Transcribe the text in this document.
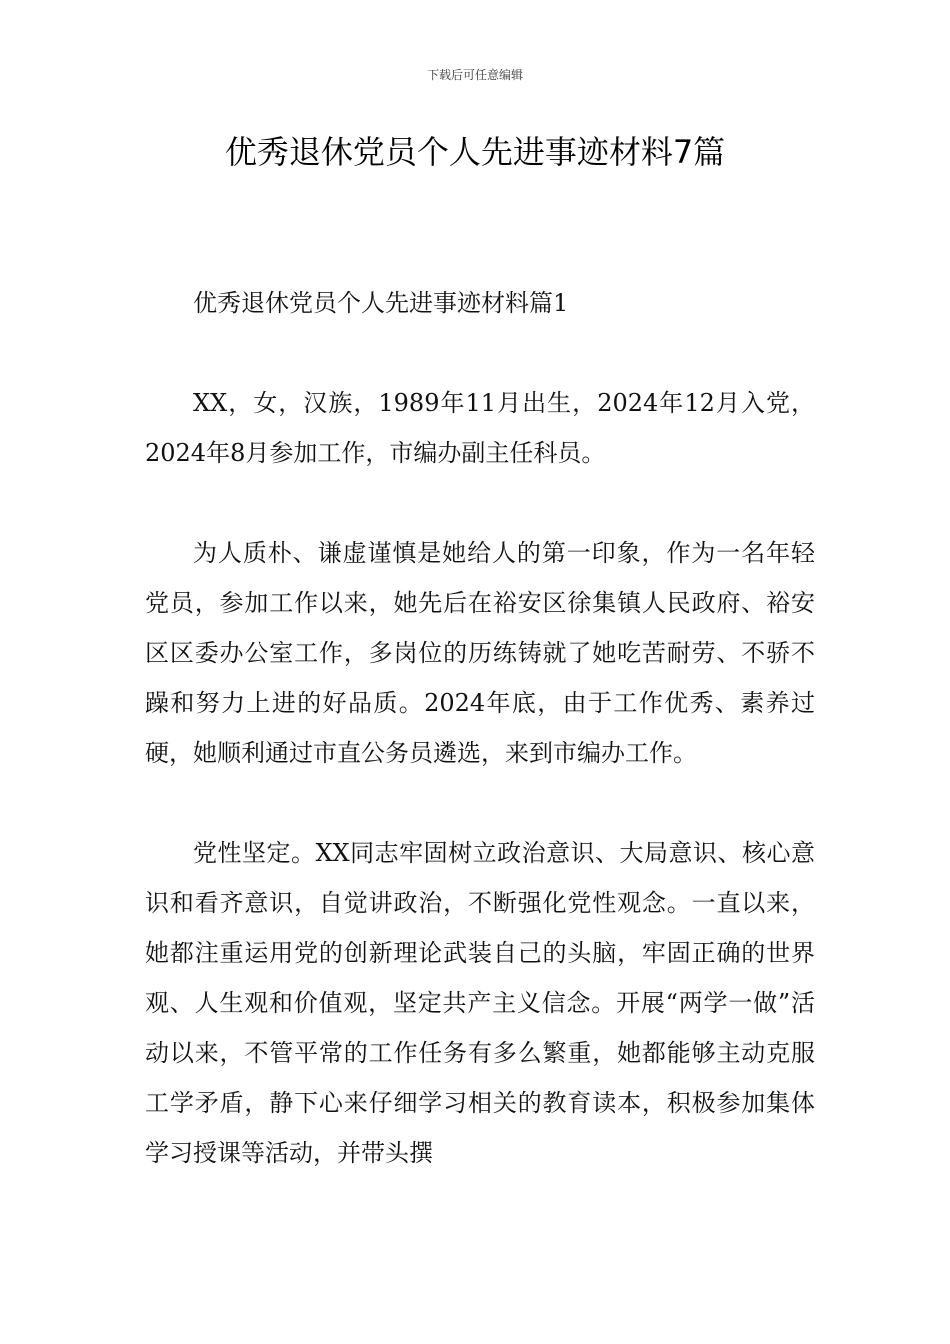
下载后可任意编辑
优秀退休党员个人先进事迹材料7篇

优秀退休党员个人先进事迹材料篇1

XX，女，汉族，1989年11月出生，2024年12月入党，2024年8月参加工作，市编办副主任科员。

为人质朴、谦虚谨慎是她给人的第一印象，作为一名年轻党员，参加工作以来，她先后在裕安区徐集镇人民政府、裕安区区委办公室工作，多岗位的历练铸就了她吃苦耐劳、不骄不躁和努力上进的好品质。2024年底，由于工作优秀、素养过硬，她顺利通过市直公务员遴选，来到市编办工作。

党性坚定。XX同志牢固树立政治意识、大局意识、核心意识和看齐意识，自觉讲政治，不断强化党性观念。一直以来，她都注重运用党的创新理论武装自己的头脑，牢固正确的世界观、人生观和价值观，坚定共产主义信念。开展“两学一做”活动以来，不管平常的工作任务有多么繁重，她都能够主动克服工学矛盾，静下心来仔细学习相关的教育读本，积极参加集体学习授课等活动，并带头撰
